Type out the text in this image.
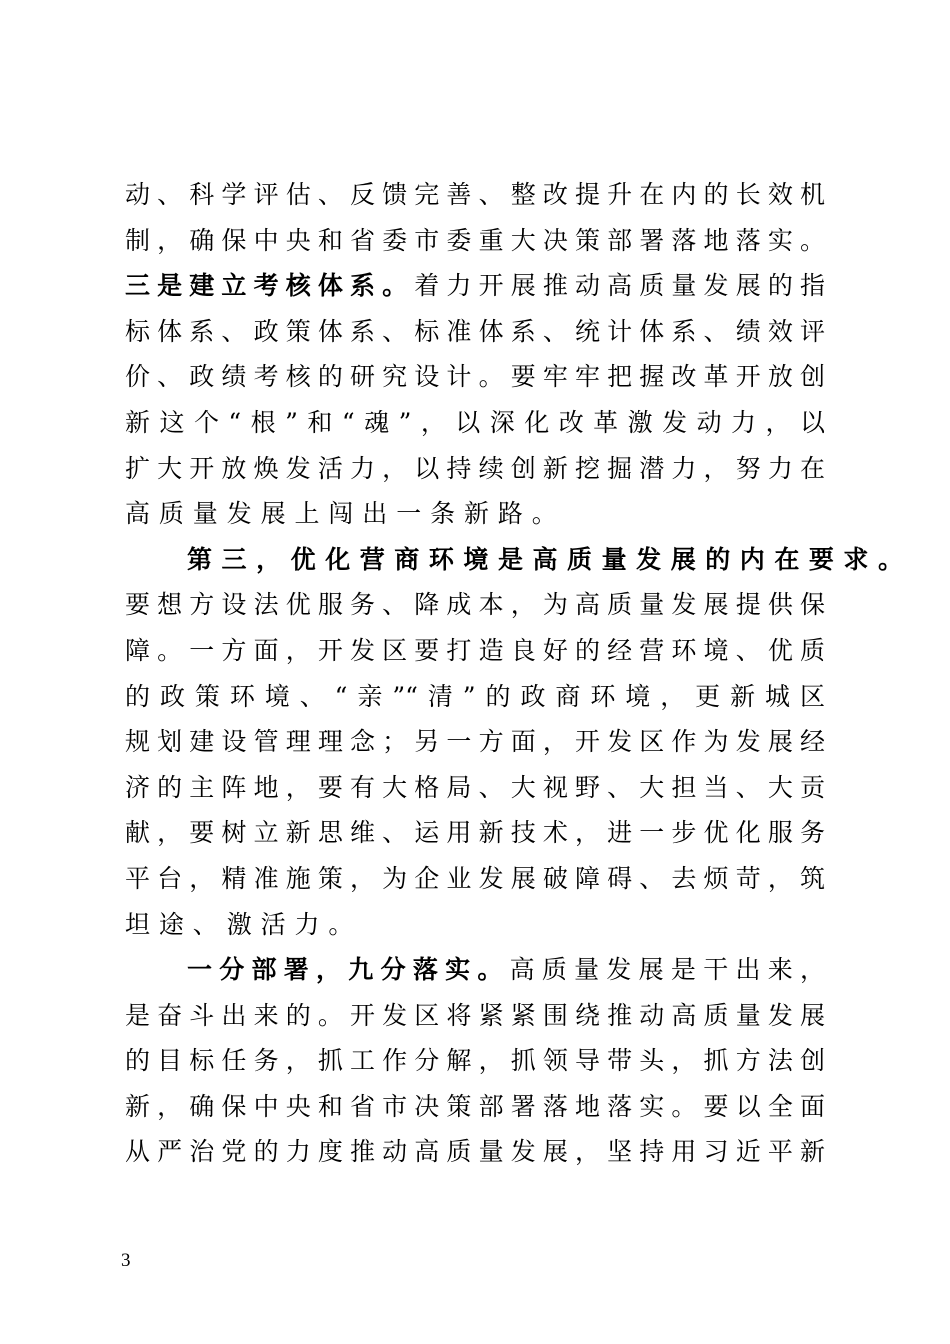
动、科学评估、反馈完善、整改提升在内的长效机
制，确保中央和省委市委重大决策部署落地落实。
三是建立考核体系。着力开展推动高质量发展的指
标体系、政策体系、标准体系、统计体系、绩效评
价、政绩考核的研究设计。要牢牢把握改革开放创
新这个“根”和“魂”，以深化改革激发动力，以
扩大开放焕发活力，以持续创新挖掘潜力，努力在
高质量发展上闯出一条新路。
第三，优化营商环境是高质量发展的内在要求。
要想方设法优服务、降成本，为高质量发展提供保
障。一方面，开发区要打造良好的经营环境、优质
的政策环境、“亲”“清”的政商环境，更新城区
规划建设管理理念；另一方面，开发区作为发展经
济的主阵地，要有大格局、大视野、大担当、大贡
献，要树立新思维、运用新技术，进一步优化服务
平台，精准施策，为企业发展破障碍、去烦苛，筑
坦途、激活力。
一分部署，九分落实。高质量发展是干出来，
是奋斗出来的。开发区将紧紧围绕推动高质量发展
的目标任务，抓工作分解，抓领导带头，抓方法创
新，确保中央和省市决策部署落地落实。要以全面
从严治党的力度推动高质量发展，坚持用习近平新
3
